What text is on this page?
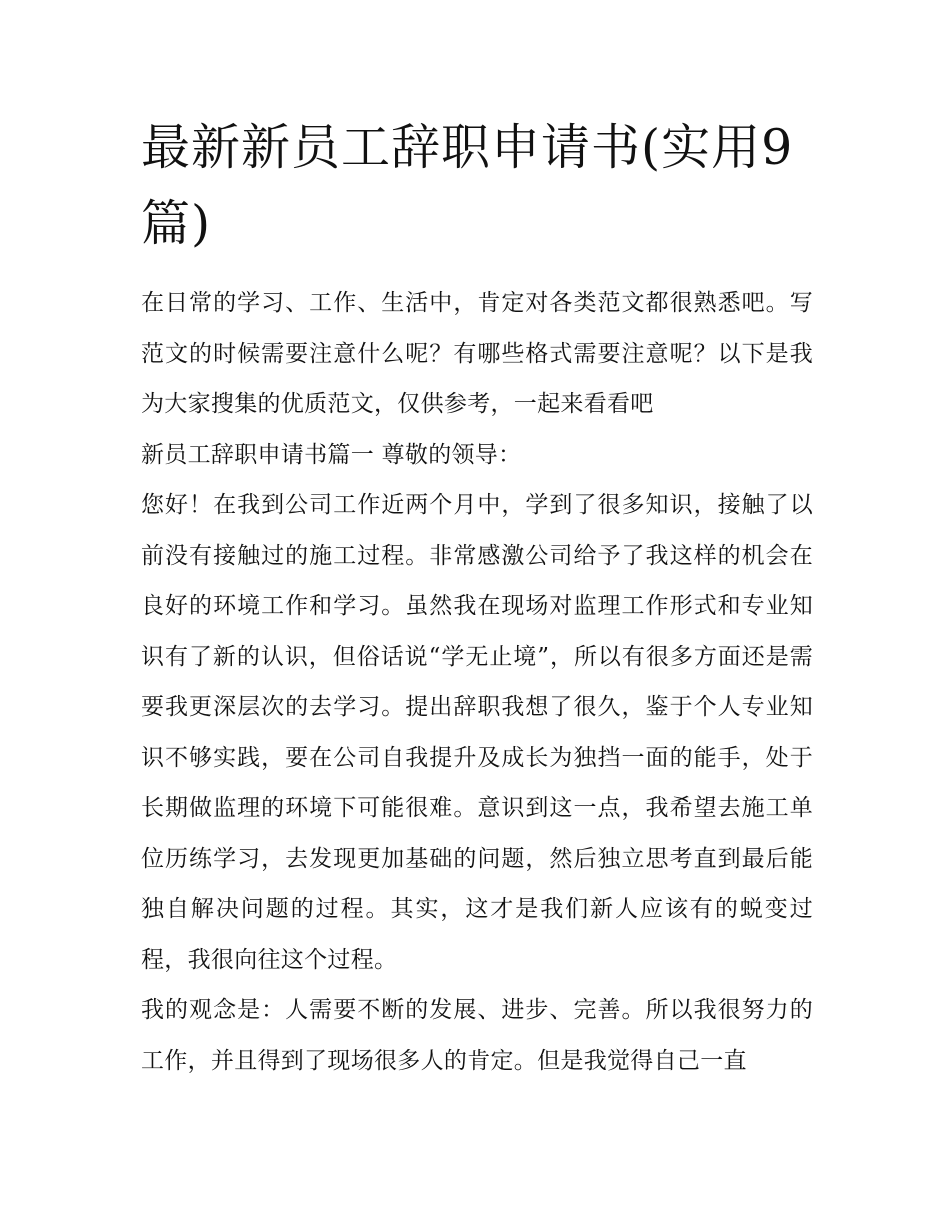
最新新员工辞职申请书(实用9篇)

在日常的学习、工作、生活中，肯定对各类范文都很熟悉吧。写范文的时候需要注意什么呢？有哪些格式需要注意呢？以下是我为大家搜集的优质范文，仅供参考，一起来看看吧

新员工辞职申请书篇一 尊敬的领导：

您好！在我到公司工作近两个月中，学到了很多知识，接触了以前没有接触过的施工过程。非常感激公司给予了我这样的机会在良好的环境工作和学习。虽然我在现场对监理工作形式和专业知识有了新的认识，但俗话说“学无止境”，所以有很多方面还是需要我更深层次的去学习。提出辞职我想了很久，鉴于个人专业知识不够实践，要在公司自我提升及成长为独挡一面的能手，处于长期做监理的环境下可能很难。意识到这一点，我希望去施工单位历练学习，去发现更加基础的问题，然后独立思考直到最后能独自解决问题的过程。其实，这才是我们新人应该有的蜕变过程，我很向往这个过程。

我的观念是：人需要不断的发展、进步、完善。所以我很努力的工作，并且得到了现场很多人的肯定。但是我觉得自己一直
